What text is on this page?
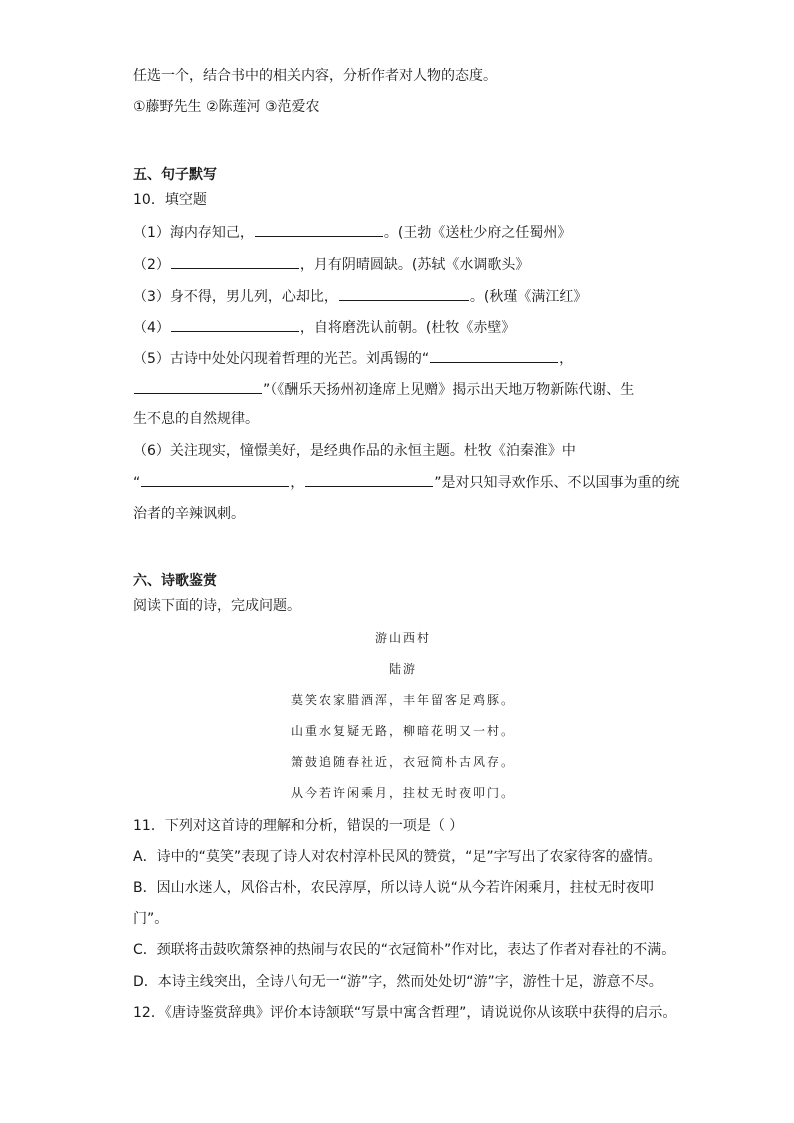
任选一个，结合书中的相关内容，分析作者对人物的态度。
①藤野先生 ②陈莲河 ③范爱农
五、句子默写
10．填空题
（1）海内存知己，	。(王勃《送杜少府之任蜀州》
（2）	，月有阴晴圆缺。(苏轼《水调歌头》
（3）身不得，男儿列，心却比，	。(秋瑾《满江红》
（4）	，自将磨洗认前朝。(杜牧《赤壁》
（5）古诗中处处闪现着哲理的光芒。刘禹锡的“	，
”（《酬乐天扬州初逢席上见赠》揭示出天地万物新陈代谢、生
生不息的自然规律。
（6）关注现实，憧憬美好，是经典作品的永恒主题。杜牧《泊秦淮》中
“	，	”是对只知寻欢作乐、不以国事为重的统
治者的辛辣讽刺。
六、诗歌鉴赏
阅读下面的诗，完成问题。
游山西村
陆游
莫笑农家腊酒浑，丰年留客足鸡豚。
山重水复疑无路，柳暗花明又一村。
箫鼓追随春社近，衣冠简朴古风存。
从今若许闲乘月，拄杖无时夜叩门。
11．下列对这首诗的理解和分析，错误的一项是（ ）
A．诗中的“莫笑”表现了诗人对农村淳朴民风的赞赏，“足”字写出了农家待客的盛情。
B．因山水迷人，风俗古朴，农民淳厚，所以诗人说“从今若许闲乘月，拄杖无时夜叩
门”。
C．颈联将击鼓吹箫祭神的热闹与农民的“衣冠简朴”作对比，表达了作者对春社的不满。
D．本诗主线突出，全诗八句无一“游”字，然而处处切“游”字，游性十足，游意不尽。
12．《唐诗鉴赏辞典》评价本诗颔联“写景中寓含哲理”，请说说你从该联中获得的启示。
